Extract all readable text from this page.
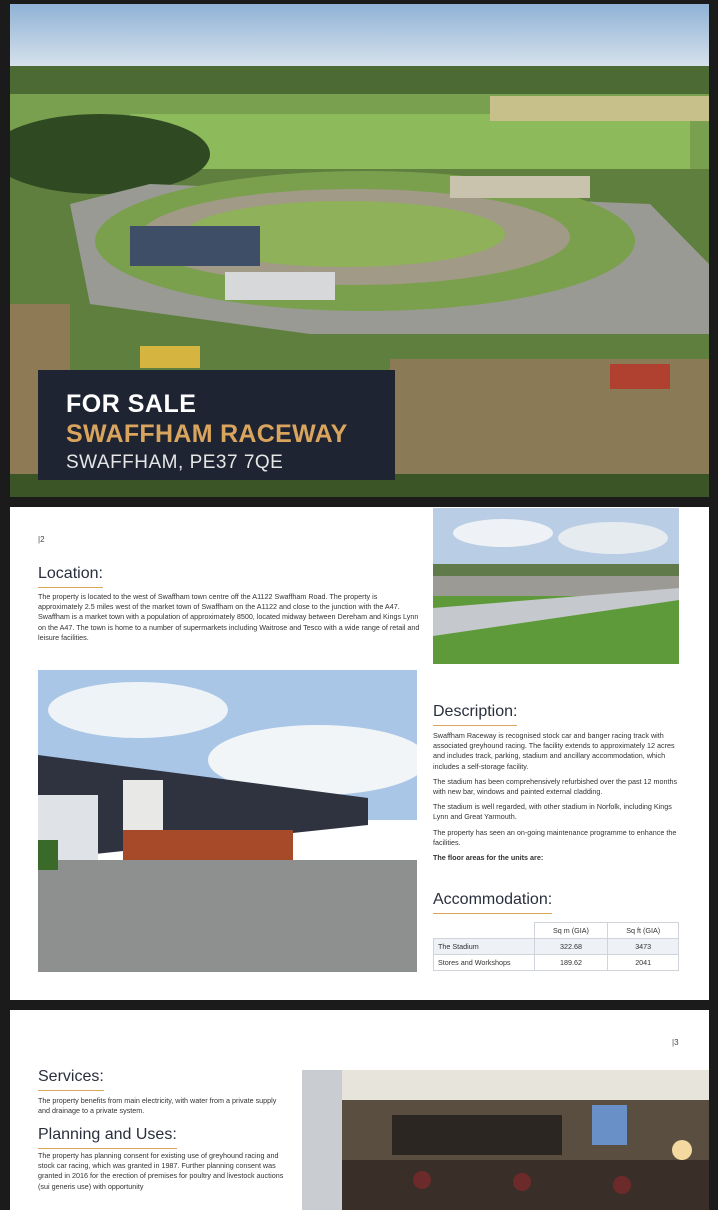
FOR SALE
SWAFFHAM RACEWAY
SWAFFHAM, PE37 7QE
|2
Location:
The property is located to the west of Swaffham town centre off the A1122 Swaffham Road. The property is approximately 2.5 miles west of the market town of Swaffham on the A1122 and close to the junction with the A47. Swaffham is a market town with a population of approximately 8500, located midway between Dereham and Kings Lynn on the A47. The town is home to a number of supermarkets including Waitrose and Tesco with a wide range of retail and leisure facilities.
Description:

Swaffham Raceway is recognised stock car and banger racing track with associated greyhound racing. The facility extends to approximately 12 acres and includes track, parking, stadium and ancillary accommodation, which includes a self-storage facility.

The stadium has been comprehensively refurbished over the past 12 months with new bar, windows and painted external cladding.

The stadium is well regarded, with other stadium in Norfolk, including Kings Lynn and Great Yarmouth.

The property has seen an on-going maintenance programme to enhance the facilities.

The floor areas for the units are:

Accommodation:
	Sq m (GIA)	Sq ft (GIA)
The Stadium	322.68	3473
Stores and Workshops	189.62	2041
|3
Services:
The property benefits from main electricity, with water from a private supply and drainage to a private system.
Planning and Uses:
The property has planning consent for existing use of greyhound racing and stock car racing, which was granted in 1987. Further planning consent was granted in 2016 for the erection of premises for poultry and livestock auctions (sui generis use) with opportunity
